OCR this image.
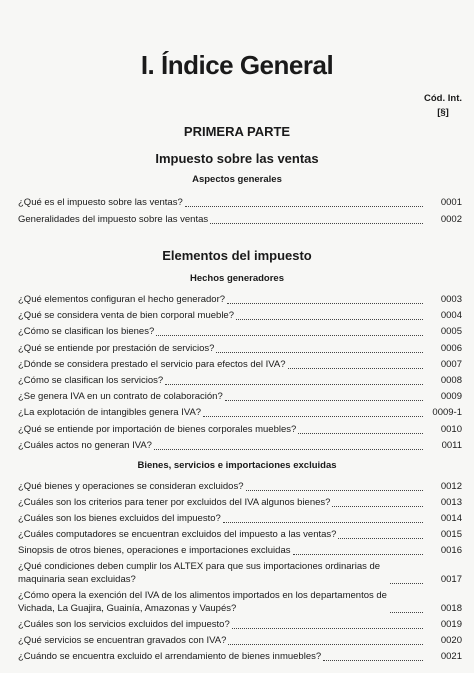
I. Índice General
Cód. Int.
[§]
PRIMERA PARTE
Impuesto sobre las ventas
Aspectos generales
¿Qué es el impuesto sobre las ventas?	0001
Generalidades del impuesto sobre las ventas	0002
Elementos del impuesto
Hechos generadores
¿Qué elementos configuran el hecho generador?	0003
¿Qué se considera venta de bien corporal mueble?	0004
¿Cómo se clasifican los bienes?	0005
¿Qué se entiende por prestación de servicios?	0006
¿Dónde se considera prestado el servicio para efectos del IVA?	0007
¿Cómo se clasifican los servicios?	0008
¿Se genera IVA en un contrato de colaboración?	0009
¿La explotación de intangibles genera IVA?	0009-1
¿Qué se entiende por importación de bienes corporales muebles?	0010
¿Cuáles actos no generan IVA?	0011
Bienes, servicios e importaciones excluidas
¿Qué bienes y operaciones se consideran excluidos?	0012
¿Cuáles son los criterios para tener por excluidos del IVA algunos bienes?	0013
¿Cuáles son los bienes excluidos del impuesto?	0014
¿Cuáles computadores se encuentran excluidos del impuesto a las ventas?	0015
Sinopsis de otros bienes, operaciones e importaciones excluidas	0016
¿Qué condiciones deben cumplir los ALTEX para que sus importaciones ordinarias de maquinaria sean excluidas?	0017
¿Cómo opera la exención del IVA de los alimentos importados en los departamentos de Vichada, La Guajira, Guainía, Amazonas y Vaupés?	0018
¿Cuáles son los servicios excluidos del impuesto?	0019
¿Qué servicios se encuentran gravados con IVA?	0020
¿Cuándo se encuentra excluido el arrendamiento de bienes inmuebles?	0021
